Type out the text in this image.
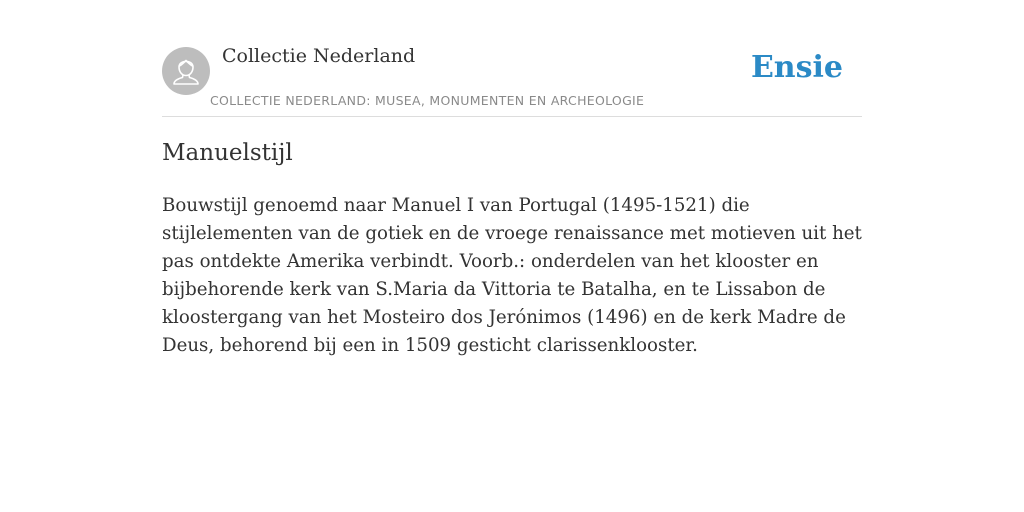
Collectie Nederland
COLLECTIE NEDERLAND: MUSEA, MONUMENTEN EN ARCHEOLOGIE
Ensie
Manuelstijl

Bouwstijl genoemd naar Manuel I van Portugal (1495-1521) die stijlelementen van de gotiek en de vroege renaissance met motieven uit het pas ontdekte Amerika verbindt. Voorb.: onderdelen van het klooster en bijbehorende kerk van S.Maria da Vittoria te Batalha, en te Lissabon de kloostergang van het Mosteiro dos Jerónimos (1496) en de kerk Madre de Deus, behorend bij een in 1509 gesticht clarissenklooster.
